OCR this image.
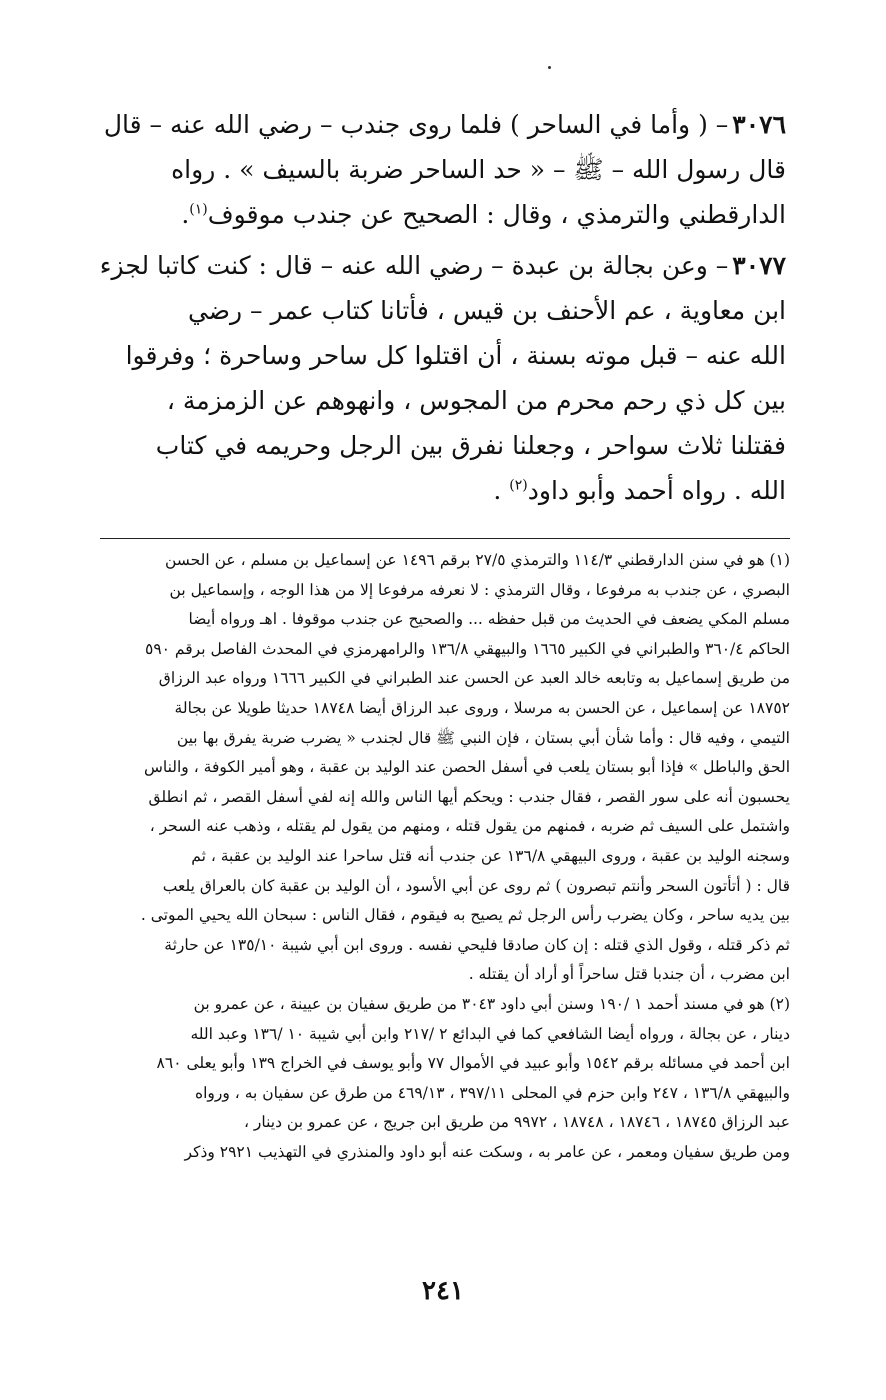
٣٠٧٦– ( وأما في الساحر ) فلما روى جندب – رضي الله عنه – قال
قال رسول الله – ﷺ – « حد الساحر ضربة بالسيف » . رواه
الدارقطني والترمذي ، وقال : الصحيح عن جندب موقوف$^{(١)}$.

٣٠٧٧– وعن بجالة بن عبدة – رضي الله عنه – قال : كنت كاتبا لجزء
ابن معاوية ، عم الأحنف بن قيس ، فأتانا كتاب عمر – رضي
الله عنه – قبل موته بسنة ، أن اقتلوا كل ساحر وساحرة ؛ وفرقوا
بين كل ذي رحم محرم من المجوس ، وانهوهم عن الزمزمة ،
فقتلنا ثلاث سواحر ، وجعلنا نفرق بين الرجل وحريمه في كتاب
الله . رواه أحمد وأبو داود$^{(٢)}$ .

(١) هو في سنن الدارقطني ١١٤/٣ والترمذي ٢٧/٥ برقم ١٤٩٦ عن إسماعيل بن مسلم ، عن الحسن
البصري ، عن جندب به مرفوعا ، وقال الترمذي : لا نعرفه مرفوعا إلا من هذا الوجه ، وإسماعيل بن
مسلم المكي يضعف في الحديث من قبل حفظه ... والصحيح عن جندب موقوفا . اهـ ورواه أيضا
الحاكم ٣٦٠/٤ والطبراني في الكبير ١٦٦٥ والبيهقي ١٣٦/٨ والرامهرمزي في المحدث الفاصل برقم ٥٩٠
من طريق إسماعيل به وتابعه خالد العبد عن الحسن عند الطبراني في الكبير ١٦٦٦ ورواه عبد الرزاق
١٨٧٥٢ عن إسماعيل ، عن الحسن به مرسلا ، وروى عبد الرزاق أيضا ١٨٧٤٨ حديثا طويلا عن بجالة
التيمي ، وفيه قال : وأما شأن أبي بستان ، فإن النبي ﷺ قال لجندب « يضرب ضربة يفرق بها بين
الحق والباطل » فإذا أبو بستان يلعب في أسفل الحصن عند الوليد بن عقبة ، وهو أمير الكوفة ، والناس
يحسبون أنه على سور القصر ، فقال جندب : ويحكم أيها الناس والله إنه لفي أسفل القصر ، ثم انطلق
واشتمل على السيف ثم ضربه ، فمنهم من يقول قتله ، ومنهم من يقول لم يقتله ، وذهب عنه السحر ،
وسجنه الوليد بن عقبة ، وروى البيهقي ١٣٦/٨ عن جندب أنه قتل ساحرا عند الوليد بن عقبة ، ثم
قال : ( أتأتون السحر وأنتم تبصرون ) ثم روى عن أبي الأسود ، أن الوليد بن عقبة كان بالعراق يلعب
بين يديه ساحر ، وكان يضرب رأس الرجل ثم يصيح به فيقوم ، فقال الناس : سبحان الله يحيي الموتى .
ثم ذكر قتله ، وقول الذي قتله : إن كان صادقا فليحي نفسه . وروى ابن أبي شيبة ١٣٥/١٠ عن حارثة
ابن مضرب ، أن جندبا قتل ساحراً أو أراد أن يقتله .

(٢) هو في مسند أحمد ١ /١٩٠ وسنن أبي داود ٣٠٤٣ من طريق سفيان بن عيينة ، عن عمرو بن
دينار ، عن بجالة ، ورواه أيضا الشافعي كما في البدائع ٢ /٢١٧ وابن أبي شيبة ١٠ /١٣٦ وعبد الله
ابن أحمد في مسائله برقم ١٥٤٢ وأبو عبيد في الأموال ٧٧ وأبو يوسف في الخراج ١٣٩ وأبو يعلى ٨٦٠
والبيهقي ١٣٦/٨ ، ٢٤٧ وابن حزم في المحلى ٣٩٧/١١ ، ٤٦٩/١٣ من طرق عن سفيان به ، ورواه
عبد الرزاق ١٨٧٤٥ ، ١٨٧٤٦ ، ١٨٧٤٨ ، ٩٩٧٢ من طريق ابن جريج ، عن عمرو بن دينار ،
ومن طريق سفيان ومعمر ، عن عامر به ، وسكت عنه أبو داود والمنذري في التهذيب ٢٩٢١ وذكر

٢٤١
